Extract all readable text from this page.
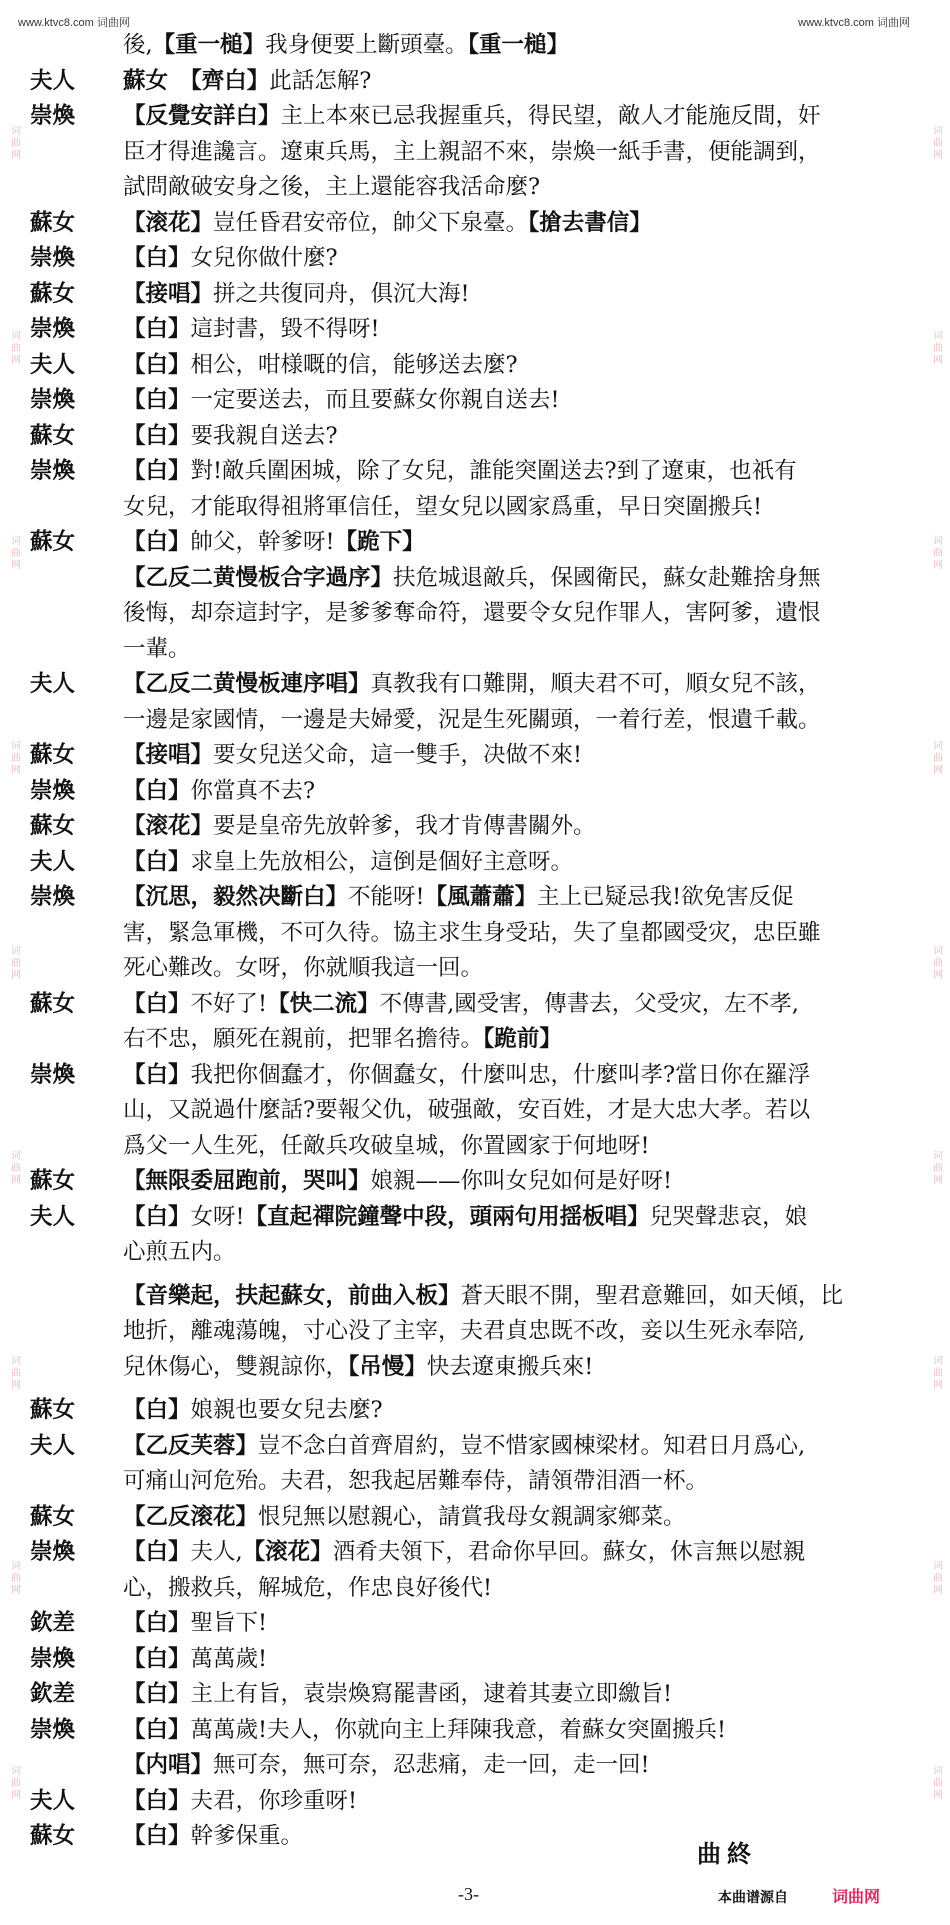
www.ktvc8.com 词曲网	www.ktvc8.com 词曲网
词曲网
词曲网
词曲网
词曲网
词曲网
词曲网
词曲网
词曲网
词曲网
词曲网
词曲网
词曲网
词曲网
词曲网
词曲网
词曲网
词曲网
词曲网
後,【重一槌】我身便要上斷頭臺。【重一槌】
夫人 蘇女　【齊白】此話怎解?
崇煥 【反覺安詳白】主上本來已忌我握重兵，得民望，敵人才能施反間，奸
臣才得進讒言。遼東兵馬，主上親詔不來，崇煥一紙手書，便能調到，
試問敵破安身之後，主上還能容我活命麼?
蘇女 【滚花】豈任昏君安帝位，帥父下泉臺。【搶去書信】
崇煥 【白】女兒你做什麼?
蘇女 【接唱】拼之共復同舟，俱沉大海!
崇煥 【白】這封書，毀不得呀!
夫人 【白】相公，咁様嘅的信，能够送去麼?
崇煥 【白】一定要送去，而且要蘇女你親自送去!
蘇女 【白】要我親自送去?
崇煥 【白】對!敵兵圍困城，除了女兒，誰能突圍送去?到了遼東，也祇有
女兒，才能取得祖將軍信任，望女兒以國家爲重，早日突圍搬兵!
蘇女 【白】帥父，幹爹呀!【跪下】
【乙反二黄慢板合字過序】扶危城退敵兵，保國衛民，蘇女赴難捨身無
後悔，却奈這封字，是爹爹奪命符，還要令女兒作罪人，害阿爹，遺恨
一輩。
夫人 【乙反二黄慢板連序唱】真教我有口難開，順夫君不可，順女兒不該，
一邊是家國情，一邊是夫婦愛，況是生死關頭，一着行差，恨遺千載。
蘇女 【接唱】要女兒送父命，這一雙手，决做不來!
崇煥 【白】你當真不去?
蘇女 【滚花】要是皇帝先放幹爹，我才肯傳書關外。
夫人 【白】求皇上先放相公，這倒是個好主意呀。
崇煥 【沉思，毅然决斷白】不能呀!【風蕭蕭】主上已疑忌我!欲免害反促
害，緊急軍機，不可久待。協主求生身受玷，失了皇都國受灾，忠臣雖
死心難改。女呀，你就順我這一回。
蘇女 【白】不好了!【快二流】不傳書,國受害，傳書去，父受灾，左不孝,
右不忠，願死在親前，把罪名擔待。【跪前】
崇煥 【白】我把你個蠢才，你個蠢女，什麼叫忠，什麼叫孝?當日你在羅浮
山，又説過什麼話?要報父仇，破强敵，安百姓，才是大忠大孝。若以
爲父一人生死，任敵兵攻破皇城，你置國家于何地呀!
蘇女 【無限委屈跑前，哭叫】娘親——你叫女兒如何是好呀!
夫人 【白】女呀!【直起禪院鐘聲中段，頭兩句用揺板唱】兒哭聲悲哀，娘
心煎五内。
【音樂起，扶起蘇女，前曲入板】蒼天眼不開，聖君意難回，如天傾，比
地折，離魂蕩魄，寸心没了主宰，夫君貞忠既不改，妾以生死永奉陪,
兒休傷心，雙親諒你，【吊慢】快去遼東搬兵來!
蘇女 【白】娘親也要女兒去麼?
夫人 【乙反芙蓉】豈不念白首齊眉約，豈不惜家國棟梁材。知君日月爲心,
可痛山河危殆。夫君，恕我起居難奉侍，請領帶泪酒一杯。
蘇女 【乙反滚花】恨兒無以慰親心，請賞我母女親調家鄉菜。
崇煥 【白】夫人,【滚花】酒肴夫領下，君命你早回。蘇女，休言無以慰親
心，搬救兵，解城危，作忠良好後代!
欽差 【白】聖旨下!
崇煥 【白】萬萬歲!
欽差 【白】主上有旨，袁崇煥寫罷書函，逮着其妻立即繳旨!
崇煥 【白】萬萬歲!夫人，你就向主上拜陳我意，着蘇女突圍搬兵!
【内唱】無可奈，無可奈，忍悲痛，走一回，走一回!
夫人 【白】夫君，你珍重呀!
蘇女 【白】幹爹保重。
曲終
-3-	本曲谱源自	词曲网
